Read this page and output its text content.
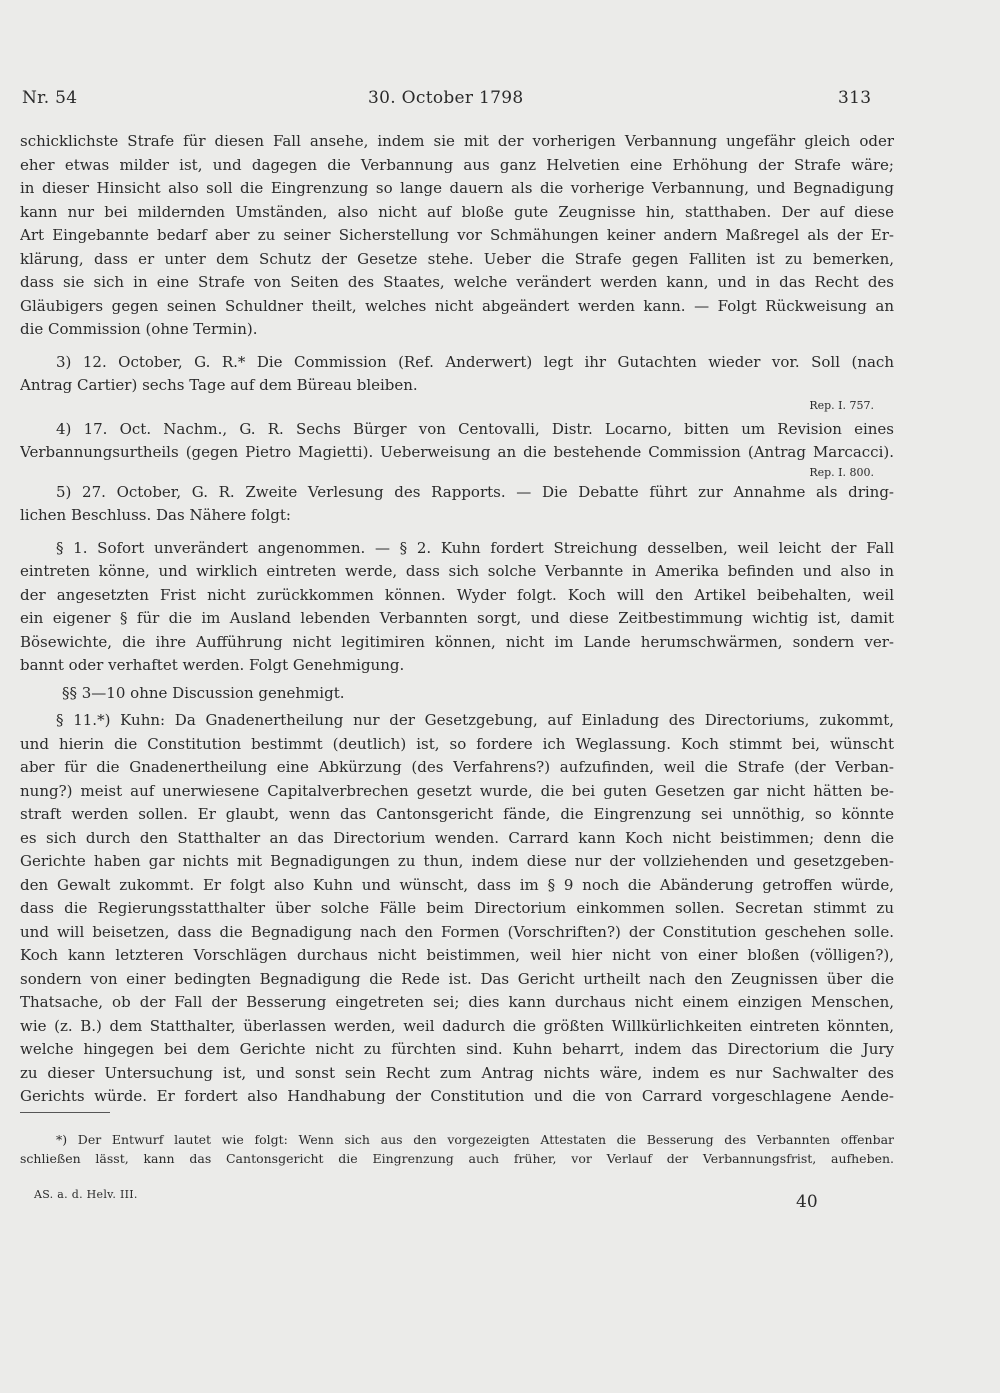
Nr. 54	30. October 1798	313
schicklichste Strafe für diesen Fall ansehe, indem sie mit der vorherigen Verbannung ungefähr gleich oder
eher etwas milder ist, und dagegen die Verbannung aus ganz Helvetien eine Erhöhung der Strafe wäre;
in dieser Hinsicht also soll die Eingrenzung so lange dauern als die vorherige Verbannung, und Begnadigung
kann nur bei mildernden Umständen, also nicht auf bloße gute Zeugnisse hin, statthaben. Der auf diese
Art Eingebannte bedarf aber zu seiner Sicherstellung vor Schmähungen keiner andern Maßregel als der Er-
klärung, dass er unter dem Schutz der Gesetze stehe. Ueber die Strafe gegen Falliten ist zu bemerken,
dass sie sich in eine Strafe von Seiten des Staates, welche verändert werden kann, und in das Recht des
Gläubigers gegen seinen Schuldner theilt, welches nicht abgeändert werden kann. — Folgt Rückweisung an
die Commission (ohne Termin).
3) 12. October, G. R.* Die Commission (Ref. Anderwert) legt ihr Gutachten wieder vor. Soll (nach
Antrag Cartier) sechs Tage auf dem Büreau bleiben.
Rep. I. 757.
4) 17. Oct. Nachm., G. R. Sechs Bürger von Centovalli, Distr. Locarno, bitten um Revision eines
Verbannungsurtheils (gegen Pietro Magietti). Ueberweisung an die bestehende Commission (Antrag Marcacci).
Rep. I. 800.
5) 27. October, G. R. Zweite Verlesung des Rapports. — Die Debatte führt zur Annahme als dring-
lichen Beschluss. Das Nähere folgt:
§ 1. Sofort unverändert angenommen. — § 2. Kuhn fordert Streichung desselben, weil leicht der Fall
eintreten könne, und wirklich eintreten werde, dass sich solche Verbannte in Amerika befinden und also in
der angesetzten Frist nicht zurückkommen können. Wyder folgt. Koch will den Artikel beibehalten, weil
ein eigener § für die im Ausland lebenden Verbannten sorgt, und diese Zeitbestimmung wichtig ist, damit
Bösewichte, die ihre Aufführung nicht legitimiren können, nicht im Lande herumschwärmen, sondern ver-
bannt oder verhaftet werden. Folgt Genehmigung.
§§ 3—10 ohne Discussion genehmigt.
§ 11.*) Kuhn: Da Gnadenertheilung nur der Gesetzgebung, auf Einladung des Directoriums, zukommt,
und hierin die Constitution bestimmt (deutlich) ist, so fordere ich Weglassung. Koch stimmt bei, wünscht
aber für die Gnadenertheilung eine Abkürzung (des Verfahrens?) aufzufinden, weil die Strafe (der Verban-
nung?) meist auf unerwiesene Capitalverbrechen gesetzt wurde, die bei guten Gesetzen gar nicht hätten be-
straft werden sollen. Er glaubt, wenn das Cantonsgericht fände, die Eingrenzung sei unnöthig, so könnte
es sich durch den Statthalter an das Directorium wenden. Carrard kann Koch nicht beistimmen; denn die
Gerichte haben gar nichts mit Begnadigungen zu thun, indem diese nur der vollziehenden und gesetzgeben-
den Gewalt zukommt. Er folgt also Kuhn und wünscht, dass im § 9 noch die Abänderung getroffen würde,
dass die Regierungsstatthalter über solche Fälle beim Directorium einkommen sollen. Secretan stimmt zu
und will beisetzen, dass die Begnadigung nach den Formen (Vorschriften?) der Constitution geschehen solle.
Koch kann letzteren Vorschlägen durchaus nicht beistimmen, weil hier nicht von einer bloßen (völligen?),
sondern von einer bedingten Begnadigung die Rede ist. Das Gericht urtheilt nach den Zeugnissen über die
Thatsache, ob der Fall der Besserung eingetreten sei; dies kann durchaus nicht einem einzigen Menschen,
wie (z. B.) dem Statthalter, überlassen werden, weil dadurch die größten Willkürlichkeiten eintreten könnten,
welche hingegen bei dem Gerichte nicht zu fürchten sind. Kuhn beharrt, indem das Directorium die Jury
zu dieser Untersuchung ist, und sonst sein Recht zum Antrag nichts wäre, indem es nur Sachwalter des
Gerichts würde. Er fordert also Handhabung der Constitution und die von Carrard vorgeschlagene Aende-
*) Der Entwurf lautet wie folgt: Wenn sich aus den vorgezeigten Attestaten die Besserung des Verbannten offenbar
schließen lässt, kann das Cantonsgericht die Eingrenzung auch früher, vor Verlauf der Verbannungsfrist, aufheben.
AS. a. d. Helv. III.	40
